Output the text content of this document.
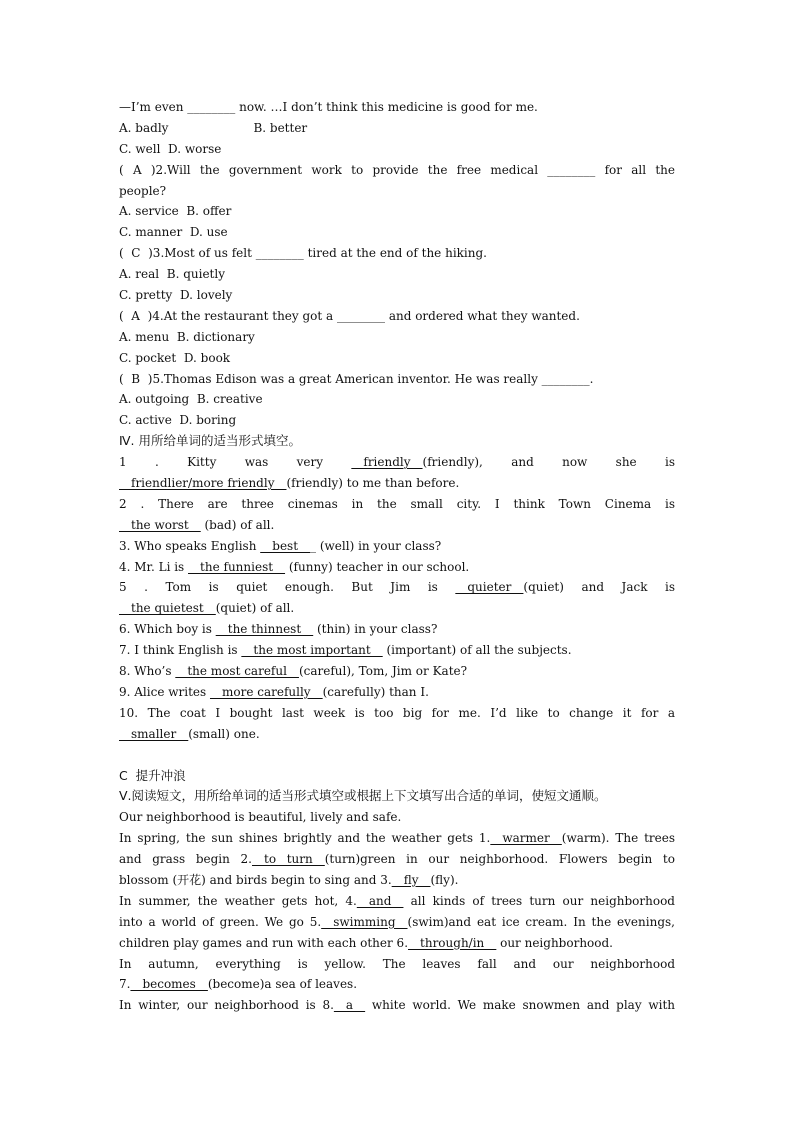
—I’m even ________ now. …I don’t think this medicine is good for me.
A. badly	B. better
C. well  D. worse
( A )2.Will the government work to provide the free medical ________ for all the
people?
A. service  B. offer
C. manner  D. use
(  C  )3.Most of us felt ________ tired at the end of the hiking.
A. real  B. quietly
C. pretty  D. lovely
(  A  )4.At the restaurant they got a ________ and ordered what they wanted.
A. menu  B. dictionary
C. pocket  D. book
(  B  )5.Thomas Edison was a great American inventor. He was really ________.
A. outgoing  B. creative
C. active  D. boring
Ⅳ. 用所给单词的适当形式填空。
1 . Kitty was very __friendly__(friendly), and now she is
__friendlier/more friendly__(friendly) to me than before.
2 . There are three cinemas in the small city. I think Town Cinema is
__the worst__ (bad) of all.
3. Who speaks English __best___ (well) in your class?
4. Mr. Li is __the funniest__ (funny) teacher in our school.
5 . Tom is quiet enough. But Jim is __quieter__(quiet) and Jack is
__the quietest__(quiet) of all.
6. Which boy is __the thinnest__ (thin) in your class?
7. I think English is __the most important__ (important) of all the subjects.
8. Who’s __the most careful__(careful), Tom, Jim or Kate?
9. Alice writes __more carefully__(carefully) than I.
10. The coat I bought last week is too big for me. I’d like to change it for a
__smaller__(small) one.
C  提升冲浪
Ⅴ.阅读短文，用所给单词的适当形式填空或根据上下文填写出合适的单词，使短文通顺。
Our neighborhood is beautiful, lively and safe.
In spring, the sun shines brightly and the weather gets 1.__warmer__(warm). The trees
and grass begin 2.__to turn__(turn)green in our neighborhood. Flowers begin to
blossom (开花) and birds begin to sing and 3.__fly__(fly).
In summer, the weather gets hot, 4.__and__ all kinds of trees turn our neighborhood
into a world of green. We go 5.__swimming__(swim)and eat ice cream. In the evenings,
children play games and run with each other 6.__through/in__ our neighborhood.
In autumn, everything is yellow. The leaves fall and our neighborhood
7.__becomes__(become)a sea of leaves.
In winter, our neighborhood is 8.__a__ white world. We make snowmen and play with
